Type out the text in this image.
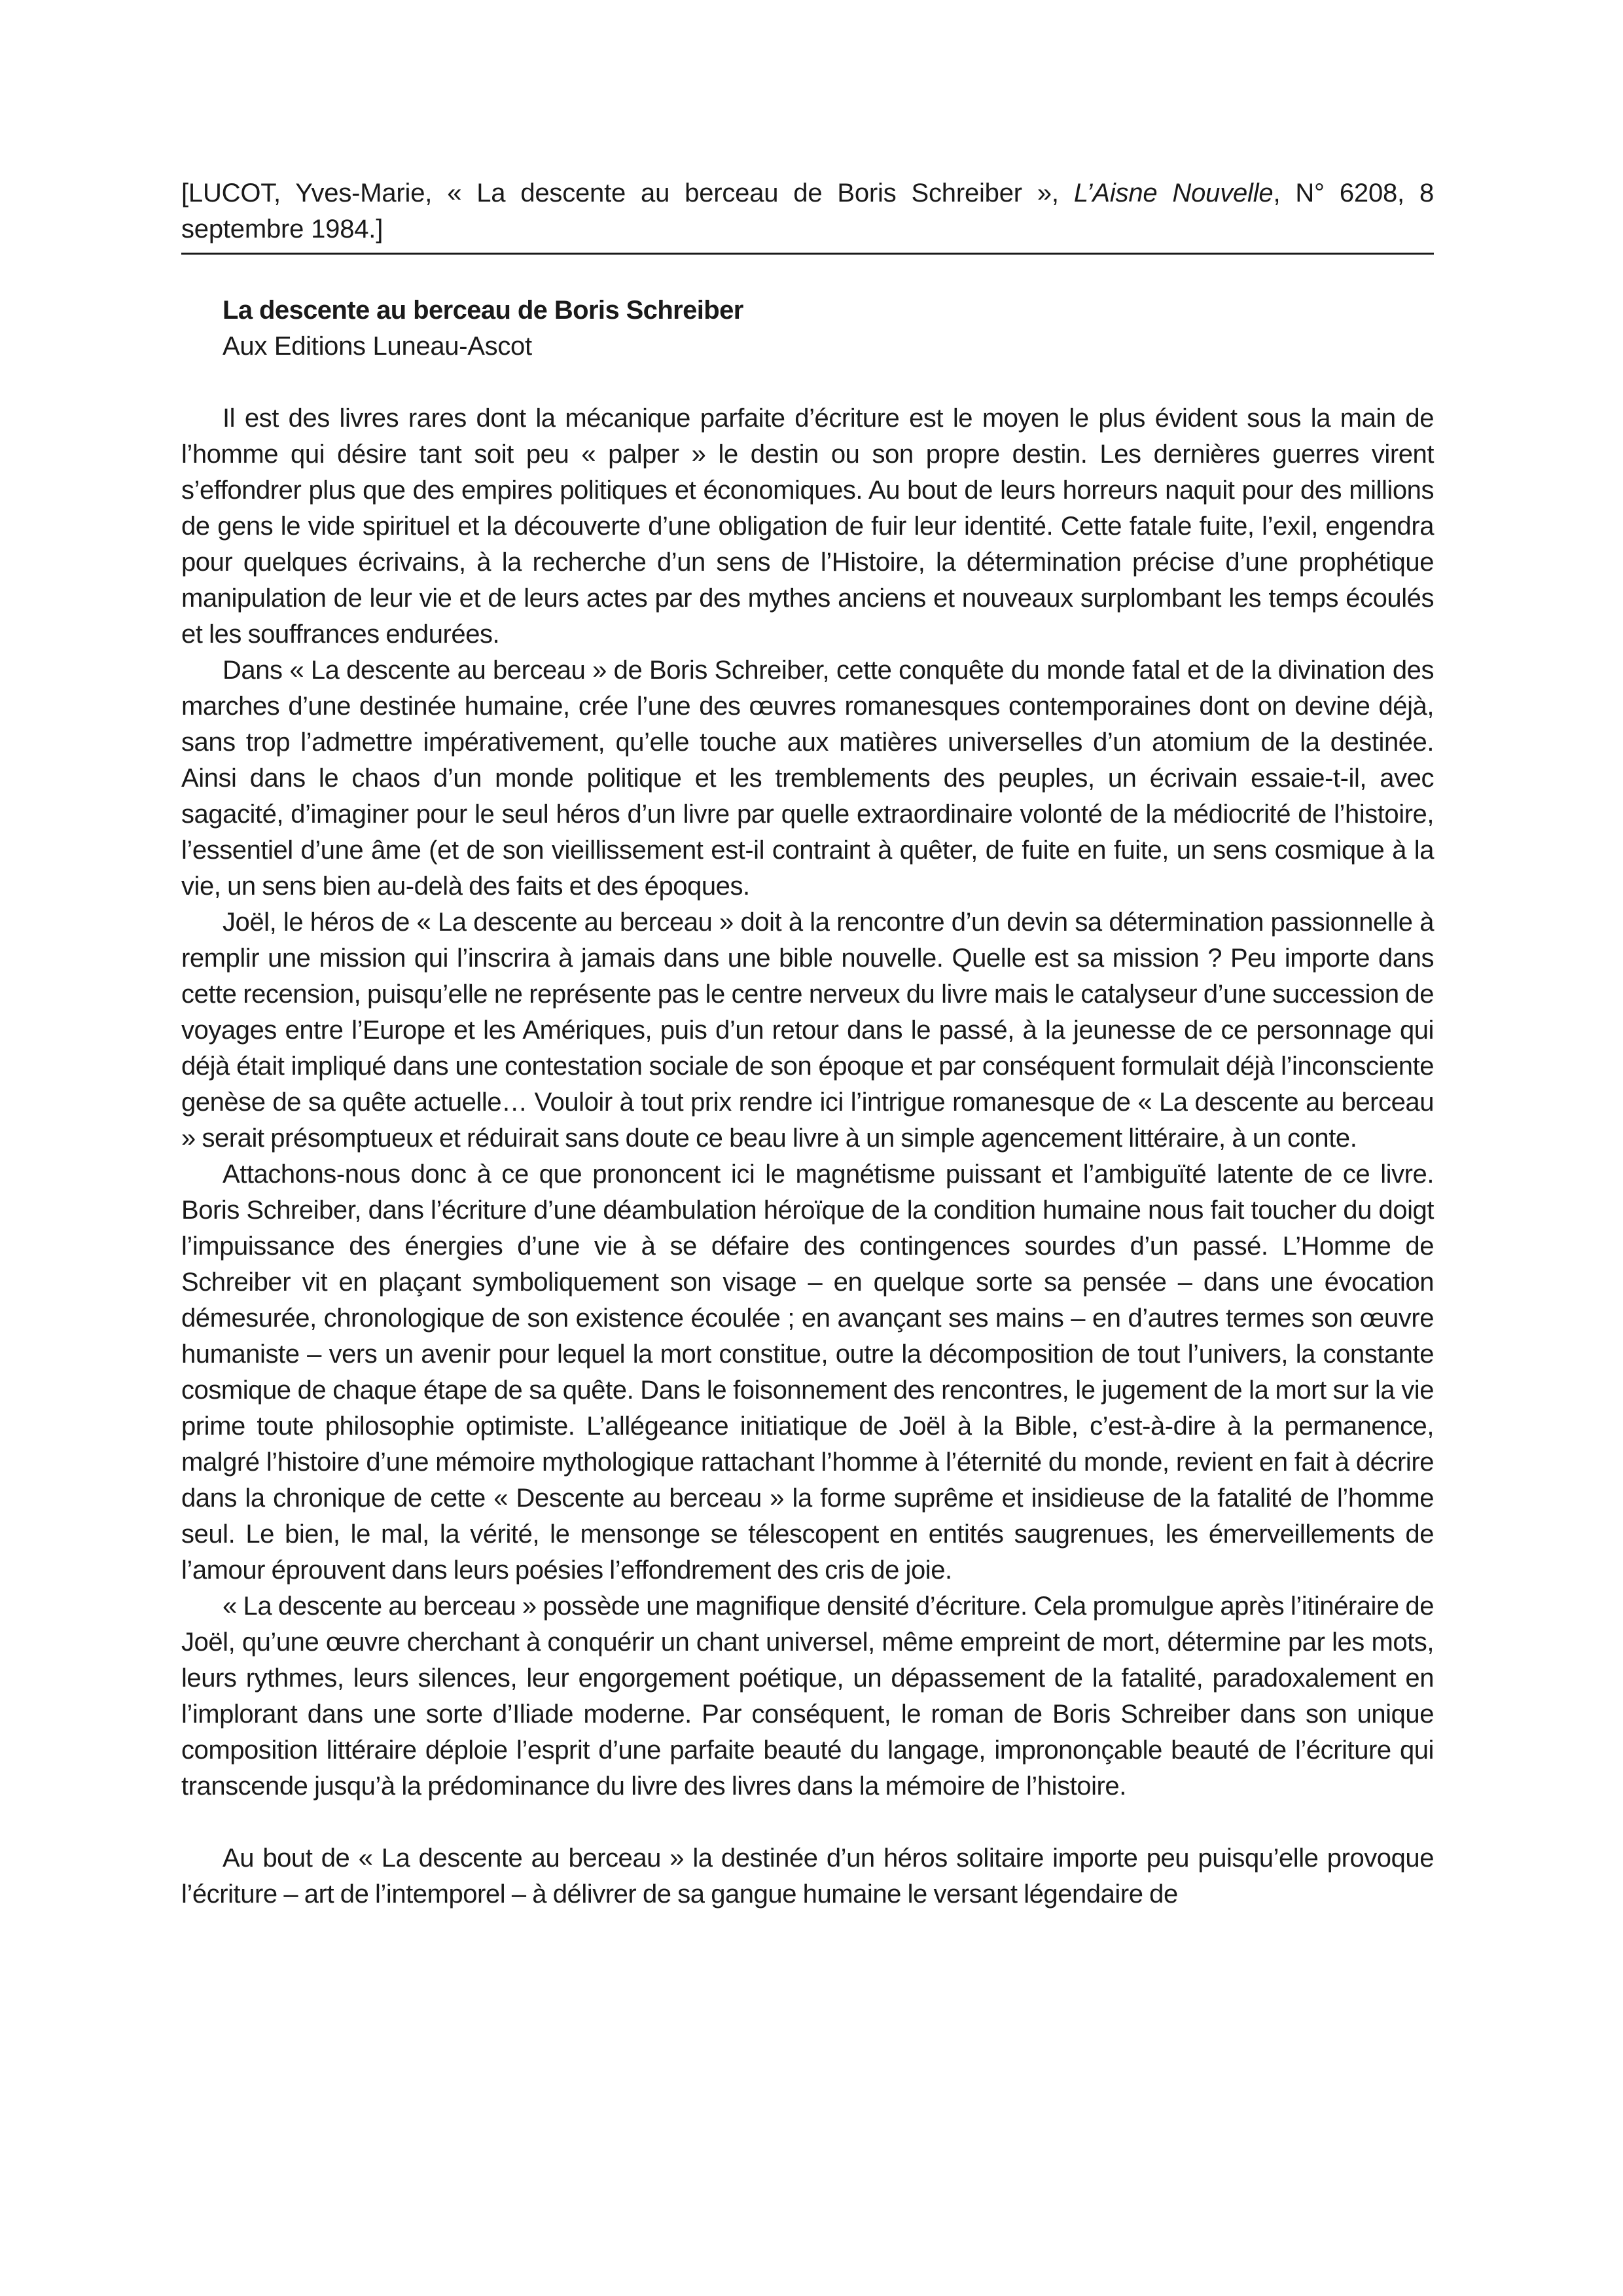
[LUCOT, Yves-Marie, « La descente au berceau de Boris Schreiber », L’Aisne Nouvelle, N° 6208, 8 septembre 1984.]
La descente au berceau de Boris Schreiber
Aux Editions Luneau-Ascot

Il est des livres rares dont la mécanique parfaite d’écriture est le moyen le plus évident sous la main de l’homme qui désire tant soit peu « palper » le destin ou son propre destin. Les dernières guerres virent s’effondrer plus que des empires politiques et économiques. Au bout de leurs horreurs naquit pour des millions de gens le vide spirituel et la découverte d’une obligation de fuir leur identité. Cette fatale fuite, l’exil, engendra pour quelques écrivains, à la recherche d’un sens de l’Histoire, la détermination précise d’une prophétique manipulation de leur vie et de leurs actes par des mythes anciens et nouveaux surplombant les temps écoulés et les souffrances endurées.

Dans « La descente au berceau » de Boris Schreiber, cette conquête du monde fatal et de la divination des marches d’une destinée humaine, crée l’une des œuvres romanesques contemporaines dont on devine déjà, sans trop l’admettre impérativement, qu’elle touche aux matières universelles d’un atomium de la destinée. Ainsi dans le chaos d’un monde politique et les tremblements des peuples, un écrivain essaie-t-il, avec sagacité, d’imaginer pour le seul héros d’un livre par quelle extraordinaire volonté de la médiocrité de l’histoire, l’essentiel d’une âme (et de son vieillissement est-il contraint à quêter, de fuite en fuite, un sens cosmique à la vie, un sens bien au-delà des faits et des époques.

Joël, le héros de « La descente au berceau » doit à la rencontre d’un devin sa détermination passionnelle à remplir une mission qui l’inscrira à jamais dans une bible nouvelle. Quelle est sa mission ? Peu importe dans cette recension, puisqu’elle ne représente pas le centre nerveux du livre mais le catalyseur d’une succession de voyages entre l’Europe et les Amériques, puis d’un retour dans le passé, à la jeunesse de ce personnage qui déjà était impliqué dans une contestation sociale de son époque et par conséquent formulait déjà l’inconsciente genèse de sa quête actuelle… Vouloir à tout prix rendre ici l’intrigue romanesque de « La descente au berceau » serait présomptueux et réduirait sans doute ce beau livre à un simple agencement littéraire, à un conte.

Attachons-nous donc à ce que prononcent ici le magnétisme puissant et l’ambiguïté latente de ce livre. Boris Schreiber, dans l’écriture d’une déambulation héroïque de la condition humaine nous fait toucher du doigt l’impuissance des énergies d’une vie à se défaire des contingences sourdes d’un passé. L’Homme de Schreiber vit en plaçant symboliquement son visage – en quelque sorte sa pensée – dans une évocation démesurée, chronologique de son existence écoulée ; en avançant ses mains – en d’autres termes son œuvre humaniste – vers un avenir pour lequel la mort constitue, outre la décomposition de tout l’univers, la constante cosmique de chaque étape de sa quête. Dans le foisonnement des rencontres, le jugement de la mort sur la vie prime toute philosophie optimiste. L’allégeance initiatique de Joël à la Bible, c’est-à-dire à la permanence, malgré l’histoire d’une mémoire mythologique rattachant l’homme à l’éternité du monde, revient en fait à décrire dans la chronique de cette « Descente au berceau » la forme suprême et insidieuse de la fatalité de l’homme seul. Le bien, le mal, la vérité, le mensonge se télescopent en entités saugrenues, les émerveillements de l’amour éprouvent dans leurs poésies l’effondrement des cris de joie.

« La descente au berceau » possède une magnifique densité d’écriture. Cela promulgue après l’itinéraire de Joël, qu’une œuvre cherchant à conquérir un chant universel, même empreint de mort, détermine par les mots, leurs rythmes, leurs silences, leur engorgement poétique, un dépassement de la fatalité, paradoxalement en l’implorant dans une sorte d’Iliade moderne. Par conséquent, le roman de Boris Schreiber dans son unique composition littéraire déploie l’esprit d’une parfaite beauté du langage, imprononçable beauté de l’écriture qui transcende jusqu’à la prédominance du livre des livres dans la mémoire de l’histoire.

Au bout de « La descente au berceau » la destinée d’un héros solitaire importe peu puisqu’elle provoque l’écriture – art de l’intemporel – à délivrer de sa gangue humaine le versant légendaire de
